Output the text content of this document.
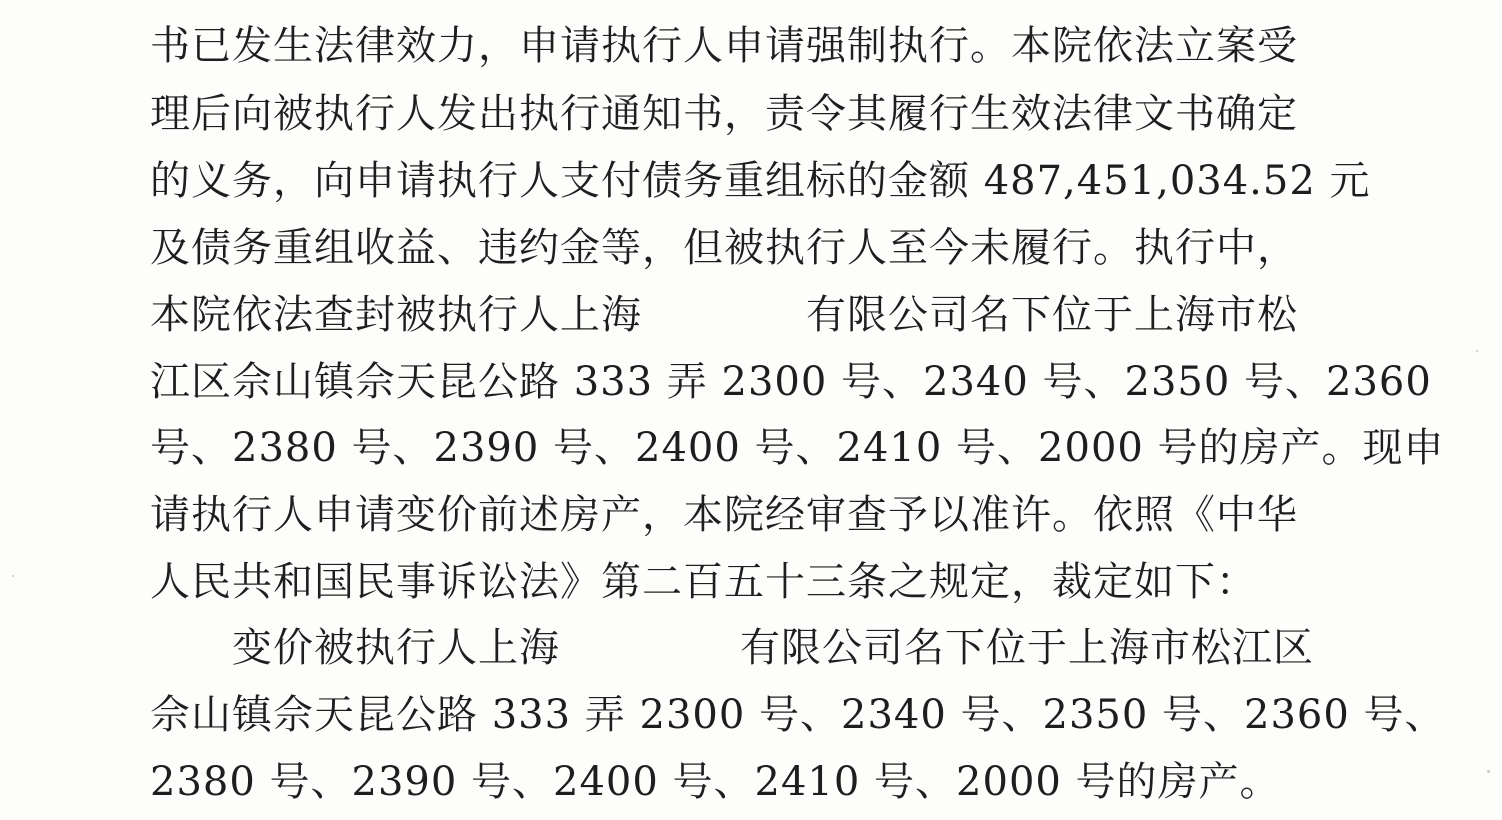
书已发生法律效力，申请执行人申请强制执行。本院依法立案受
理后向被执行人发出执行通知书，责令其履行生效法律文书确定
的义务，向申请执行人支付债务重组标的金额 487,451,034.52 元
及债务重组收益、违约金等，但被执行人至今未履行。执行中，
本院依法查封被执行人上海	有限公司名下位于上海市松
江区佘山镇佘天昆公路 333 弄 2300 号、2340 号、2350 号、2360
号、2380 号、2390 号、2400 号、2410 号、2000 号的房产。现申
请执行人申请变价前述房产，本院经审查予以准许。依照《中华
人民共和国民事诉讼法》第二百五十三条之规定，裁定如下：
变价被执行人上海	有限公司名下位于上海市松江区
佘山镇佘天昆公路 333 弄 2300 号、2340 号、2350 号、2360 号、
2380 号、2390 号、2400 号、2410 号、2000 号的房产。
